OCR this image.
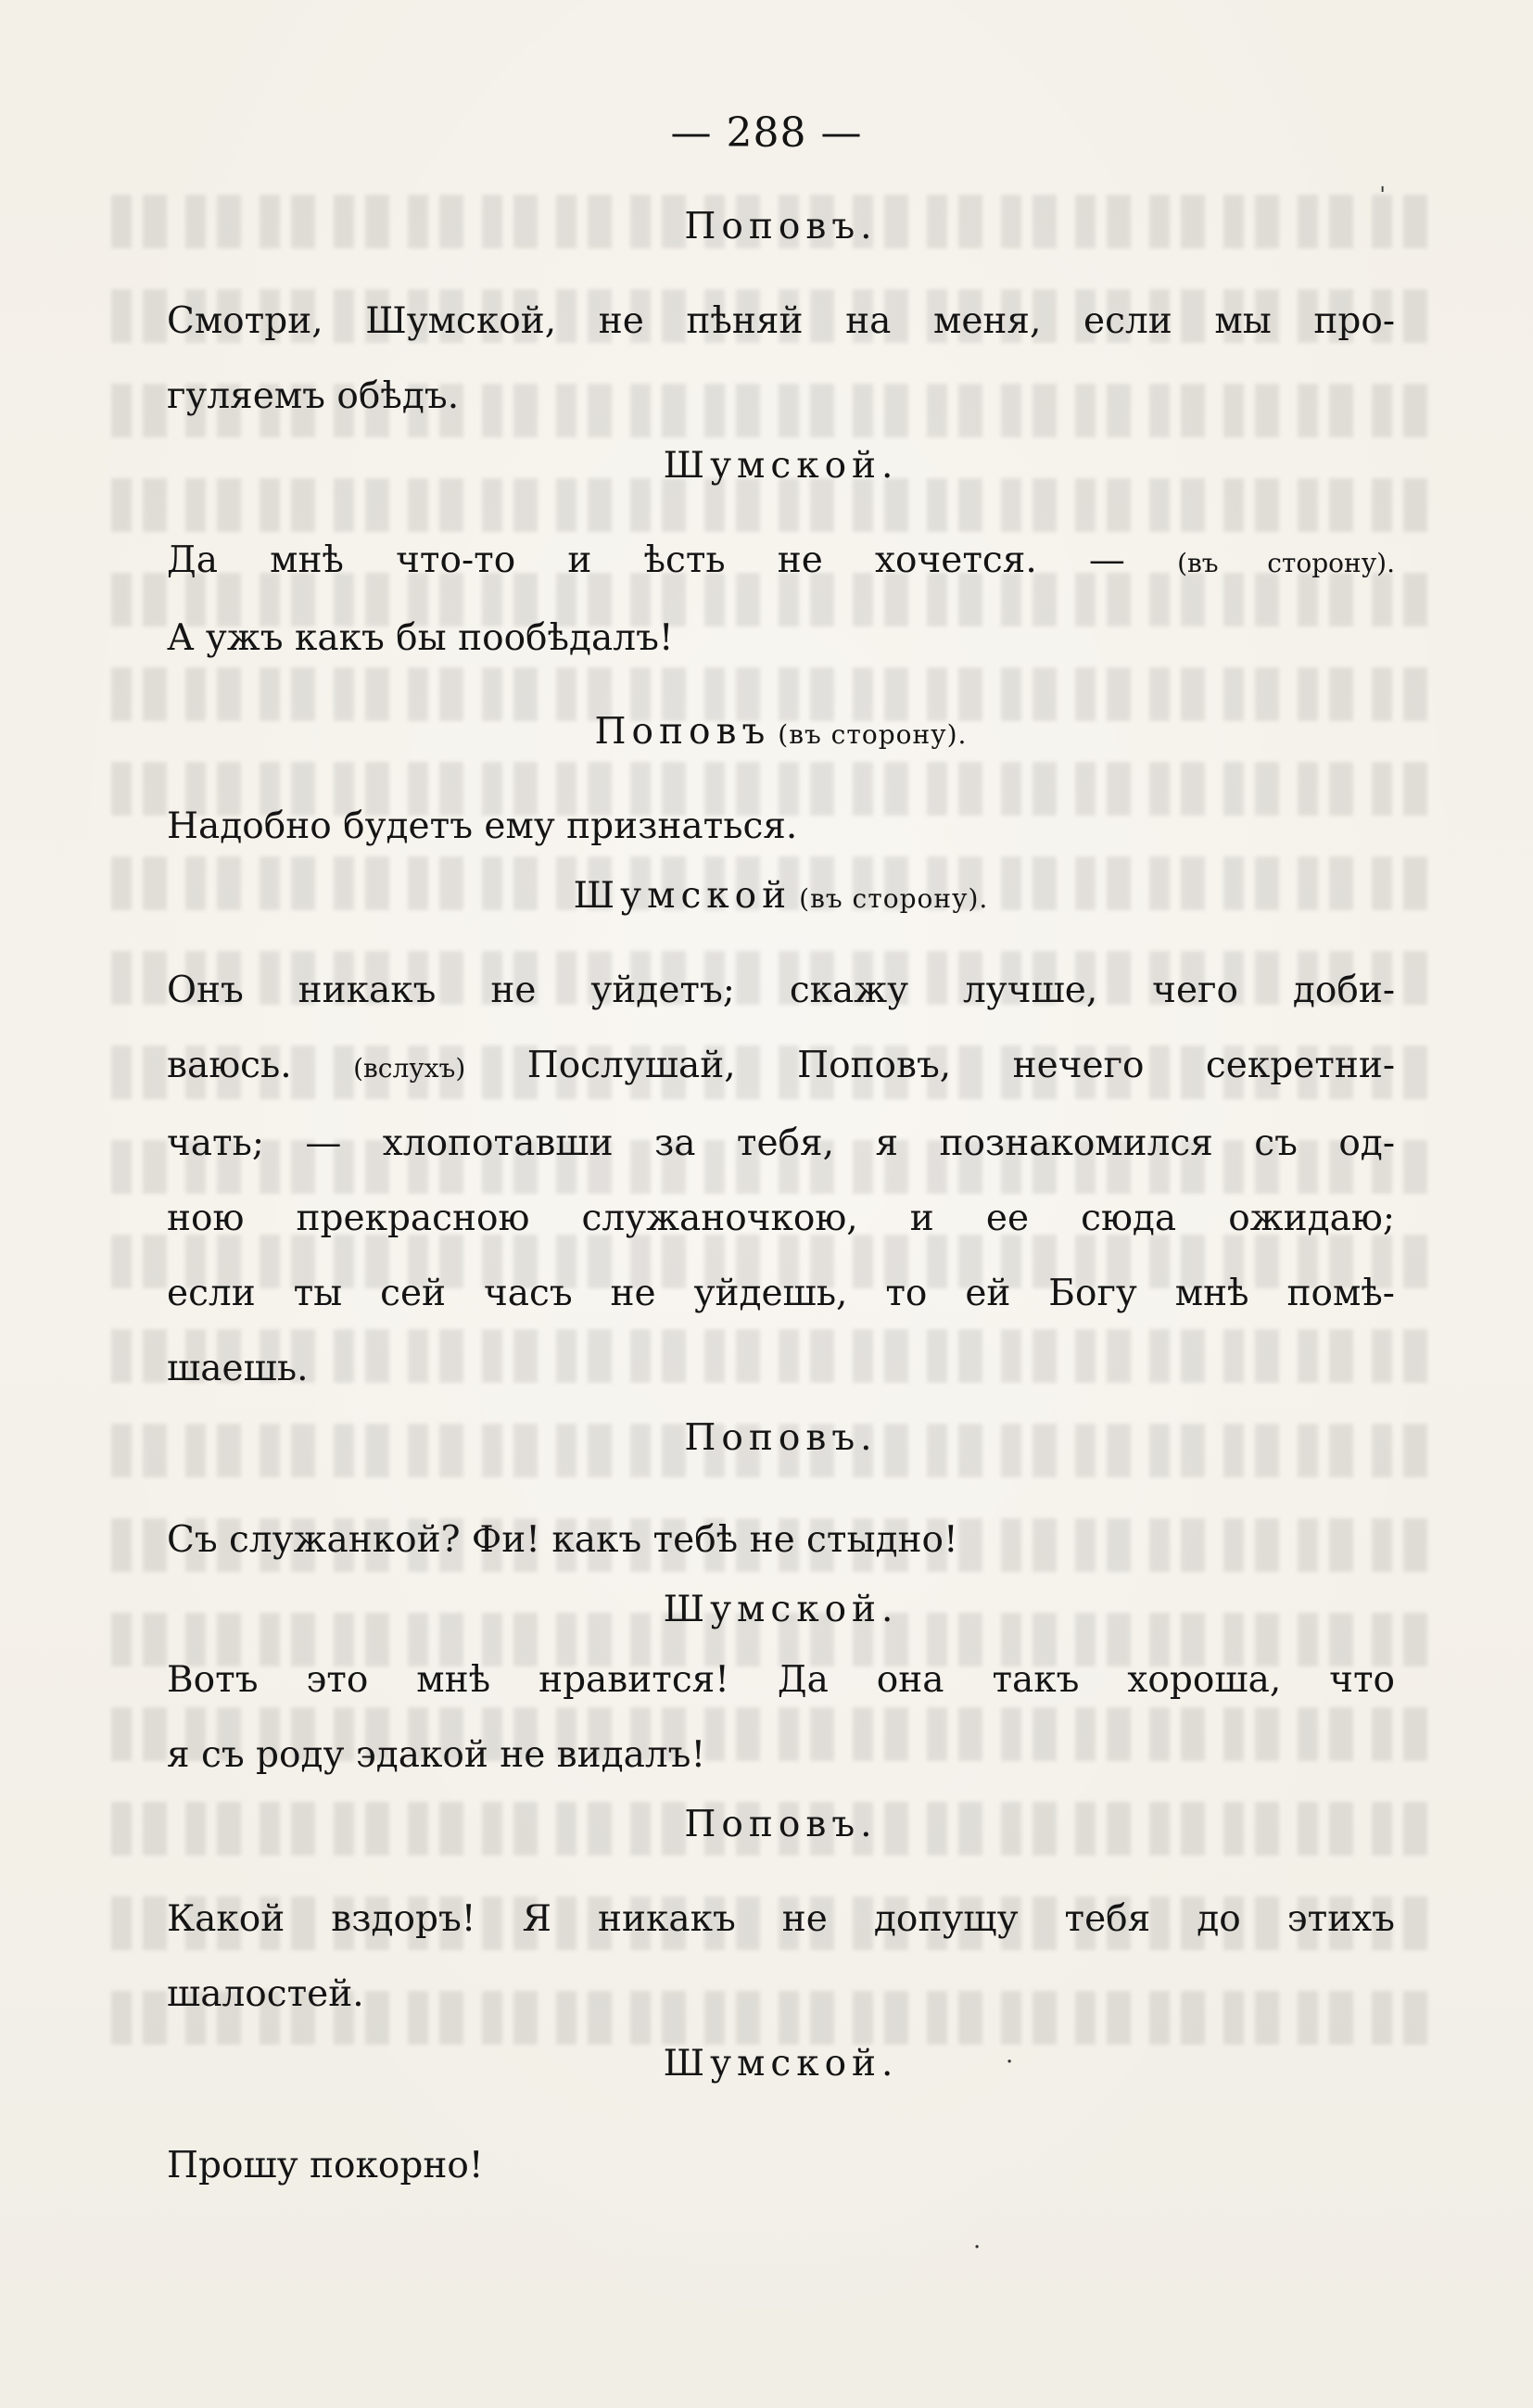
— 288 —

Поповъ.

Смотри, Шумской, не пѣняй на меня, если мы про-

гуляемъ обѣдъ.

Шумской.

Да мнѣ что-то и ѣсть не хочется. — (въ сторону).

А ужъ какъ бы пообѣдалъ!

Поповъ (въ сторону).

Надобно будетъ ему признаться.

Шумской (въ сторону).

Онъ никакъ не уйдетъ; скажу лучше, чего доби-

ваюсь. (вслухъ) Послушай, Поповъ, нечего секретни-

чать; — хлопотавши за тебя, я познакомился съ од-

ною прекрасною служаночкою, и ее сюда ожидаю;

если ты сей часъ не уйдешь, то ей Богу мнѣ помѣ-

шаешь.

Поповъ.

Съ служанкой? Фи! какъ тебѣ не стыдно!

Шумской.

Вотъ это мнѣ нравится! Да она такъ хороша, что

я съ роду эдакой не видалъ!

Поповъ.

Какой вздоръ! Я никакъ не допущу тебя до этихъ

шалостей.

Шумской.

Прошу покорно!

ˈ
·
·
